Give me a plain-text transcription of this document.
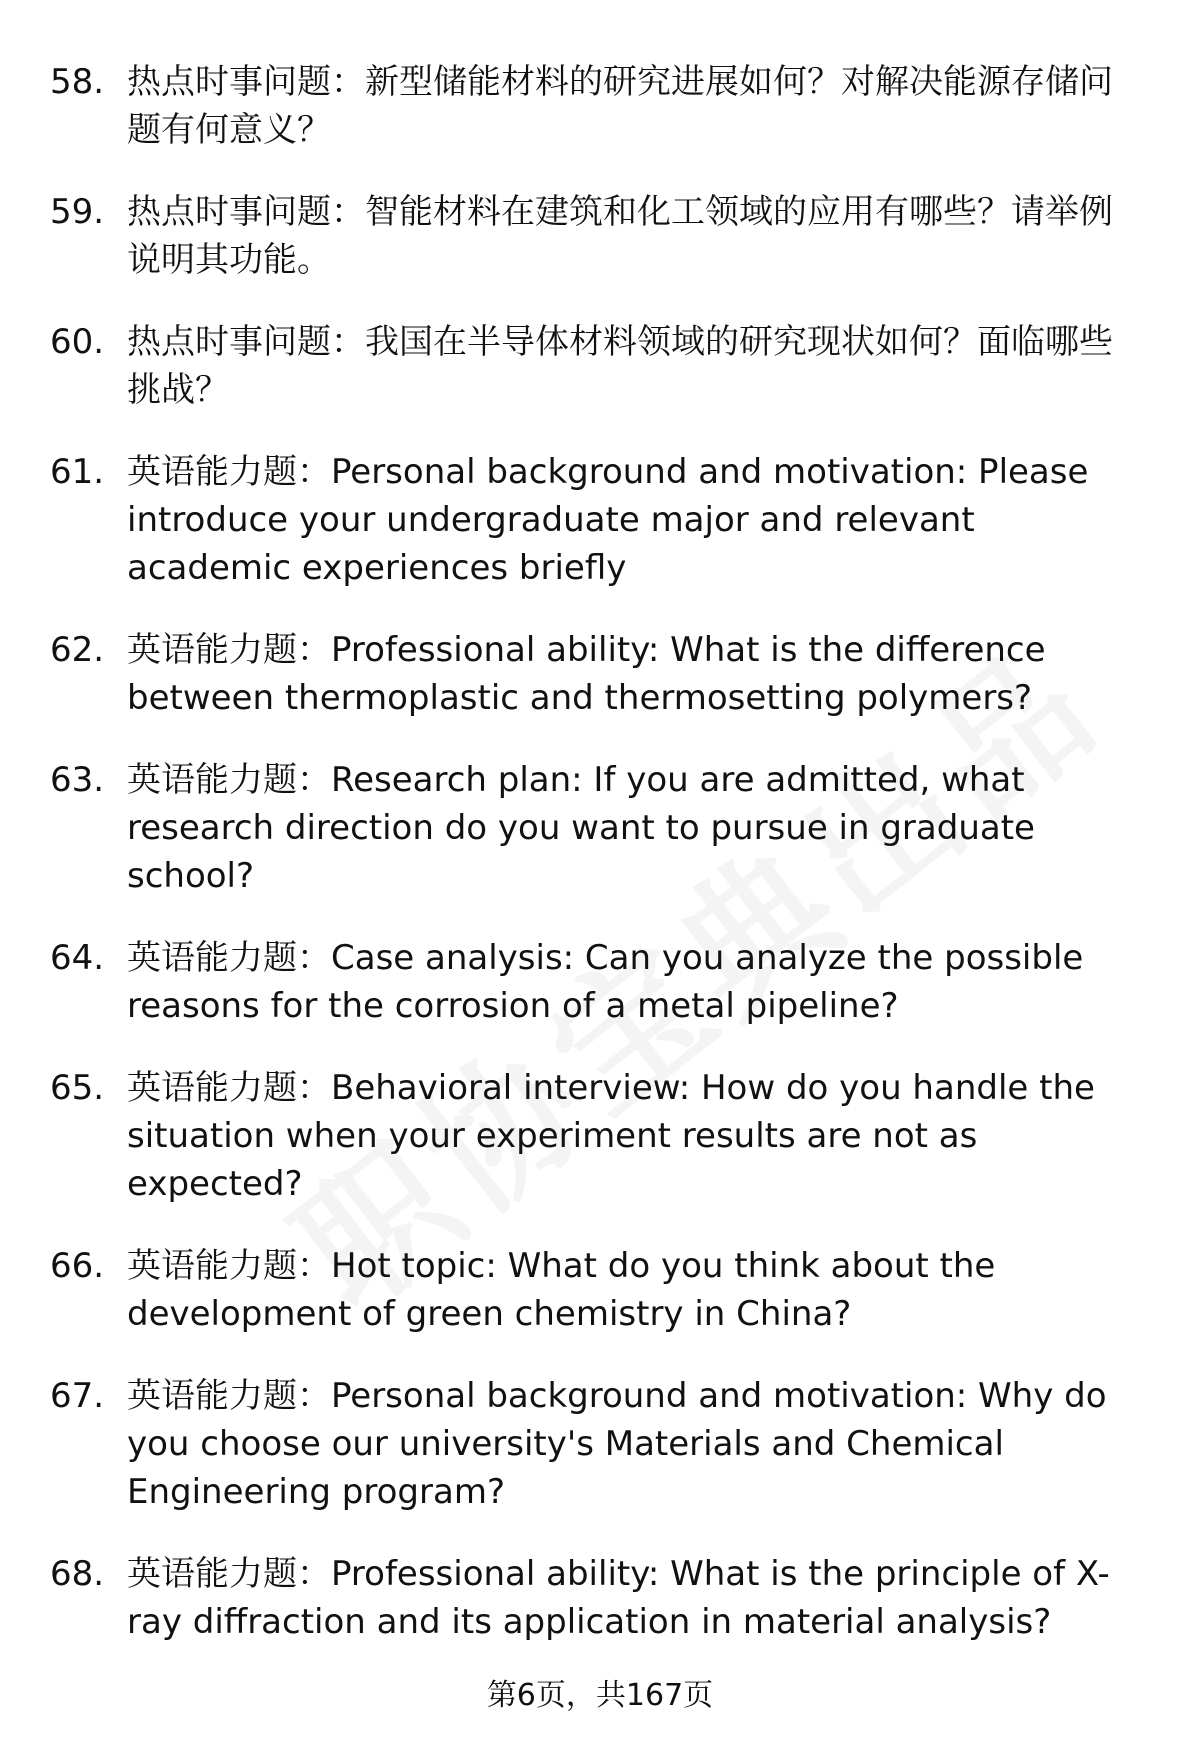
58. 热点时事问题：新型储能材料的研究进展如何？对解决能源存储问题有何意义？
59. 热点时事问题：智能材料在建筑和化工领域的应用有哪些？请举例说明其功能。
60. 热点时事问题：我国在半导体材料领域的研究现状如何？面临哪些挑战？
61. 英语能力题：Personal background and motivation: Please introduce your undergraduate major and relevant academic experiences briefly
62. 英语能力题：Professional ability: What is the difference between thermoplastic and thermosetting polymers?
63. 英语能力题：Research plan: If you are admitted, what research direction do you want to pursue in graduate school?
64. 英语能力题：Case analysis: Can you analyze the possible reasons for the corrosion of a metal pipeline?
65. 英语能力题：Behavioral interview: How do you handle the situation when your experiment results are not as expected?
66. 英语能力题：Hot topic: What do you think about the development of green chemistry in China?
67. 英语能力题：Personal background and motivation: Why do you choose our university's Materials and Chemical Engineering program?
68. 英语能力题：Professional ability: What is the principle of X-ray diffraction and its application in material analysis?
第6页，共167页
